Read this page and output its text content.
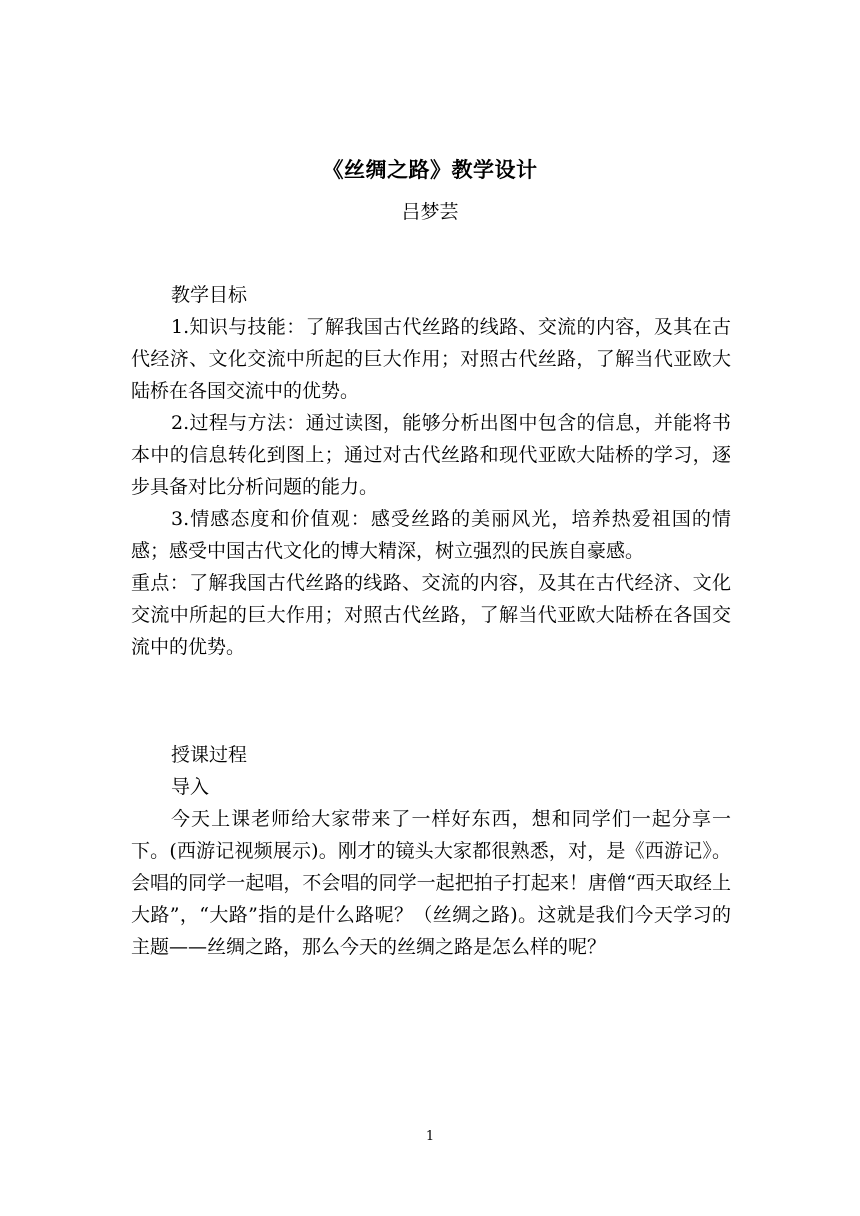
《丝绸之路》教学设计
吕梦芸

教学目标

1.知识与技能：了解我国古代丝路的线路、交流的内容，及其在古代经济、文化交流中所起的巨大作用；对照古代丝路，了解当代亚欧大陆桥在各国交流中的优势。

2.过程与方法：通过读图，能够分析出图中包含的信息，并能将书本中的信息转化到图上；通过对古代丝路和现代亚欧大陆桥的学习，逐步具备对比分析问题的能力。

3.情感态度和价值观：感受丝路的美丽风光，培养热爱祖国的情感；感受中国古代文化的博大精深，树立强烈的民族自豪感。

重点：了解我国古代丝路的线路、交流的内容，及其在古代经济、文化交流中所起的巨大作用；对照古代丝路，了解当代亚欧大陆桥在各国交流中的优势。

授课过程

导入

今天上课老师给大家带来了一样好东西，想和同学们一起分享一下。(西游记视频展示)。刚才的镜头大家都很熟悉，对，是《西游记》。会唱的同学一起唱，不会唱的同学一起把拍子打起来！唐僧“西天取经上大路”，“大路”指的是什么路呢？（丝绸之路)。这就是我们今天学习的主题——丝绸之路，那么今天的丝绸之路是怎么样的呢？

1
